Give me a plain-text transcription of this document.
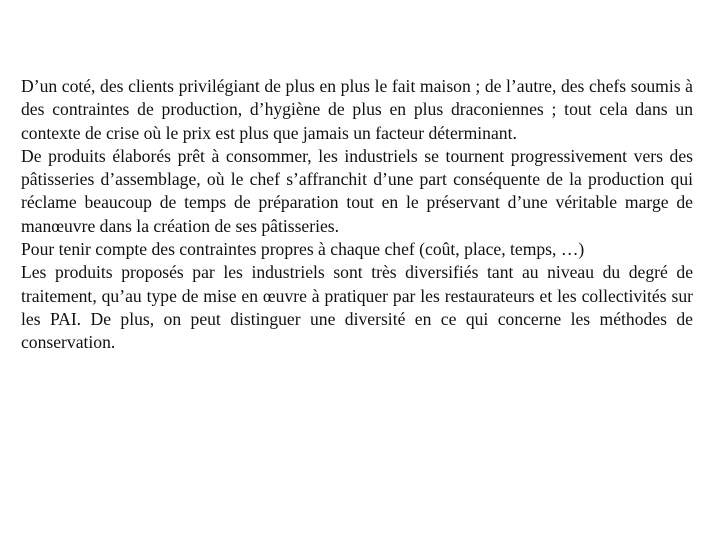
D’un coté, des clients privilégiant de plus en plus le fait maison ; de l’autre, des chefs soumis à des contraintes de production, d’hygiène de plus en plus draconiennes ; tout cela dans un contexte de crise où le prix est plus que jamais un facteur déterminant.

De produits élaborés prêt à consommer, les industriels se tournent progressivement vers des pâtisseries d’assemblage, où le chef s’affranchit d’une part conséquente de la production qui réclame beaucoup de temps de préparation tout en le préservant d’une véritable marge de manœuvre dans la création de ses pâtisseries.

Pour tenir compte des contraintes propres à chaque chef (coût, place, temps, …)

Les produits proposés par les industriels sont très diversifiés tant au niveau du degré de traitement, qu’au type de mise en œuvre à pratiquer par les restaurateurs et les collectivités sur les PAI. De plus, on peut distinguer une diversité en ce qui concerne les méthodes de conservation.
